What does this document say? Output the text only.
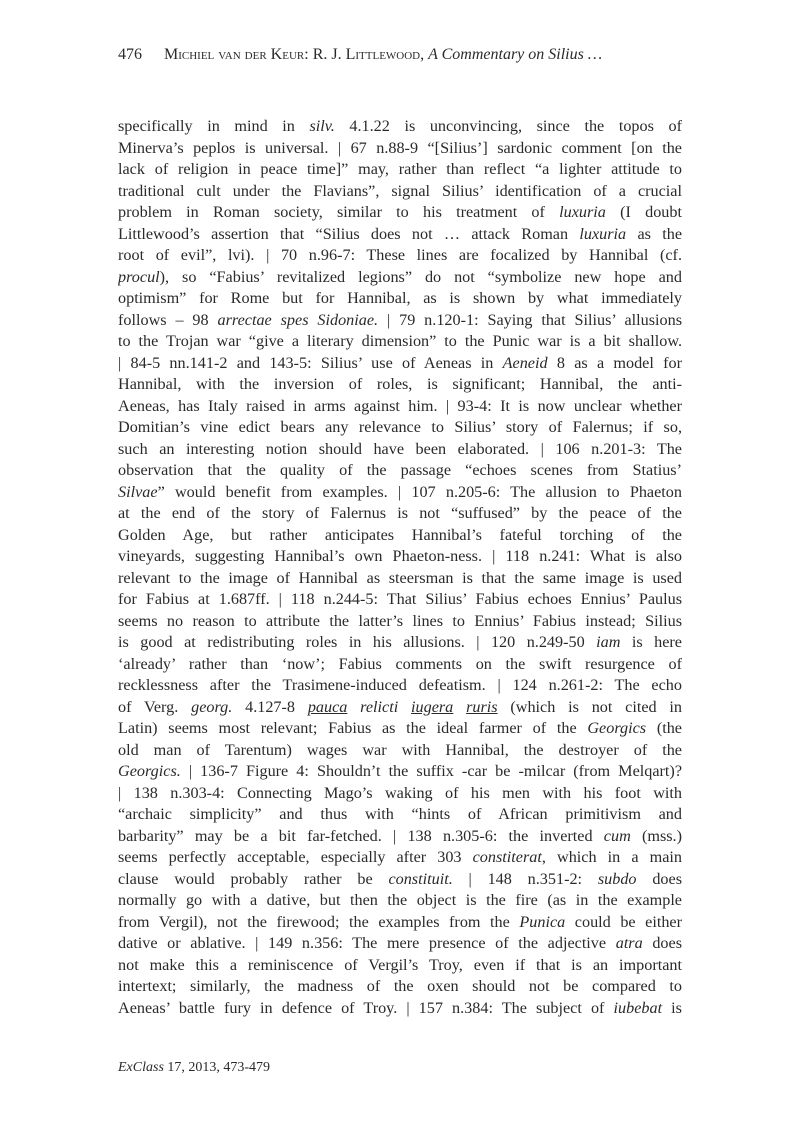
476 Michiel van der Keur: R. J. Littlewood, A Commentary on Silius …
specifically in mind in silv. 4.1.22 is unconvincing, since the topos of
Minerva’s peplos is universal. | 67 n.88-9 “[Silius’] sardonic comment [on the
lack of religion in peace time]” may, rather than reflect “a lighter attitude to
traditional cult under the Flavians”, signal Silius’ identification of a crucial
problem in Roman society, similar to his treatment of luxuria (I doubt
Littlewood’s assertion that “Silius does not … attack Roman luxuria as the
root of evil”, lvi). | 70 n.96-7: These lines are focalized by Hannibal (cf.
procul), so “Fabius’ revitalized legions” do not “symbolize new hope and
optimism” for Rome but for Hannibal, as is shown by what immediately
follows – 98 arrectae spes Sidoniae. | 79 n.120-1: Saying that Silius’ allusions
to the Trojan war “give a literary dimension” to the Punic war is a bit shallow.
| 84-5 nn.141-2 and 143-5: Silius’ use of Aeneas in Aeneid 8 as a model for
Hannibal, with the inversion of roles, is significant; Hannibal, the anti-
Aeneas, has Italy raised in arms against him. | 93-4: It is now unclear whether
Domitian’s vine edict bears any relevance to Silius’ story of Falernus; if so,
such an interesting notion should have been elaborated. | 106 n.201-3: The
observation that the quality of the passage “echoes scenes from Statius’
Silvae” would benefit from examples. | 107 n.205-6: The allusion to Phaeton
at the end of the story of Falernus is not “suffused” by the peace of the
Golden Age, but rather anticipates Hannibal’s fateful torching of the
vineyards, suggesting Hannibal’s own Phaeton-ness. | 118 n.241: What is also
relevant to the image of Hannibal as steersman is that the same image is used
for Fabius at 1.687ff. | 118 n.244-5: That Silius’ Fabius echoes Ennius’ Paulus
seems no reason to attribute the latter’s lines to Ennius’ Fabius instead; Silius
is good at redistributing roles in his allusions. | 120 n.249-50 iam is here
‘already’ rather than ‘now’; Fabius comments on the swift resurgence of
recklessness after the Trasimene-induced defeatism. | 124 n.261-2: The echo
of Verg. georg. 4.127-8 pauca relicti iugera ruris (which is not cited in
Latin) seems most relevant; Fabius as the ideal farmer of the Georgics (the
old man of Tarentum) wages war with Hannibal, the destroyer of the
Georgics. | 136-7 Figure 4: Shouldn’t the suffix -car be -milcar (from Melqart)?
| 138 n.303-4: Connecting Mago’s waking of his men with his foot with
“archaic simplicity” and thus with “hints of African primitivism and
barbarity” may be a bit far-fetched. | 138 n.305-6: the inverted cum (mss.)
seems perfectly acceptable, especially after 303 constiterat, which in a main
clause would probably rather be constituit. | 148 n.351-2: subdo does
normally go with a dative, but then the object is the fire (as in the example
from Vergil), not the firewood; the examples from the Punica could be either
dative or ablative. | 149 n.356: The mere presence of the adjective atra does
not make this a reminiscence of Vergil’s Troy, even if that is an important
intertext; similarly, the madness of the oxen should not be compared to
Aeneas’ battle fury in defence of Troy. | 157 n.384: The subject of iubebat is
ExClass 17, 2013, 473-479
